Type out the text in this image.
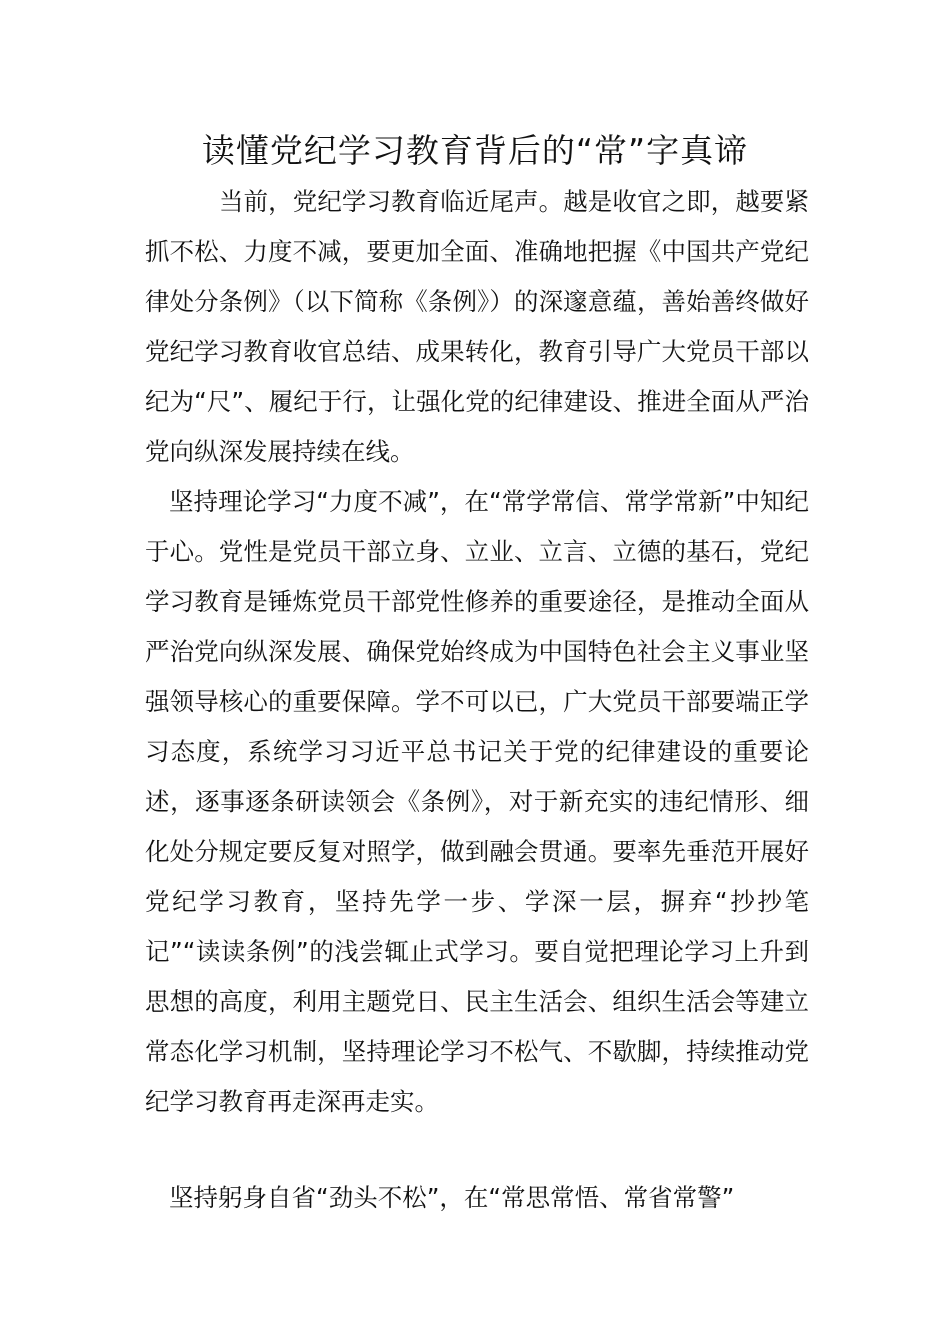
读懂党纪学习教育背后的“常”字真谛

当前，党纪学习教育临近尾声。越是收官之即，越要紧抓不松、力度不减，要更加全面、准确地把握《中国共产党纪律处分条例》（以下简称《条例》）的深邃意蕴，善始善终做好党纪学习教育收官总结、成果转化，教育引导广大党员干部以纪为“尺”、履纪于行，让强化党的纪律建设、推进全面从严治党向纵深发展持续在线。

坚持理论学习“力度不减”，在“常学常信、常学常新”中知纪于心。党性是党员干部立身、立业、立言、立德的基石，党纪学习教育是锤炼党员干部党性修养的重要途径，是推动全面从严治党向纵深发展、确保党始终成为中国特色社会主义事业坚强领导核心的重要保障。学不可以已，广大党员干部要端正学习态度，系统学习习近平总书记关于党的纪律建设的重要论述，逐事逐条研读领会《条例》，对于新充实的违纪情形、细化处分规定要反复对照学，做到融会贯通。要率先垂范开展好党纪学习教育，坚持先学一步、学深一层，摒弃“抄抄笔记”“读读条例”的浅尝辄止式学习。要自觉把理论学习上升到思想的高度，利用主题党日、民主生活会、组织生活会等建立常态化学习机制，坚持理论学习不松气、不歇脚，持续推动党纪学习教育再走深再走实。

坚持躬身自省“劲头不松”，在“常思常悟、常省常警”
